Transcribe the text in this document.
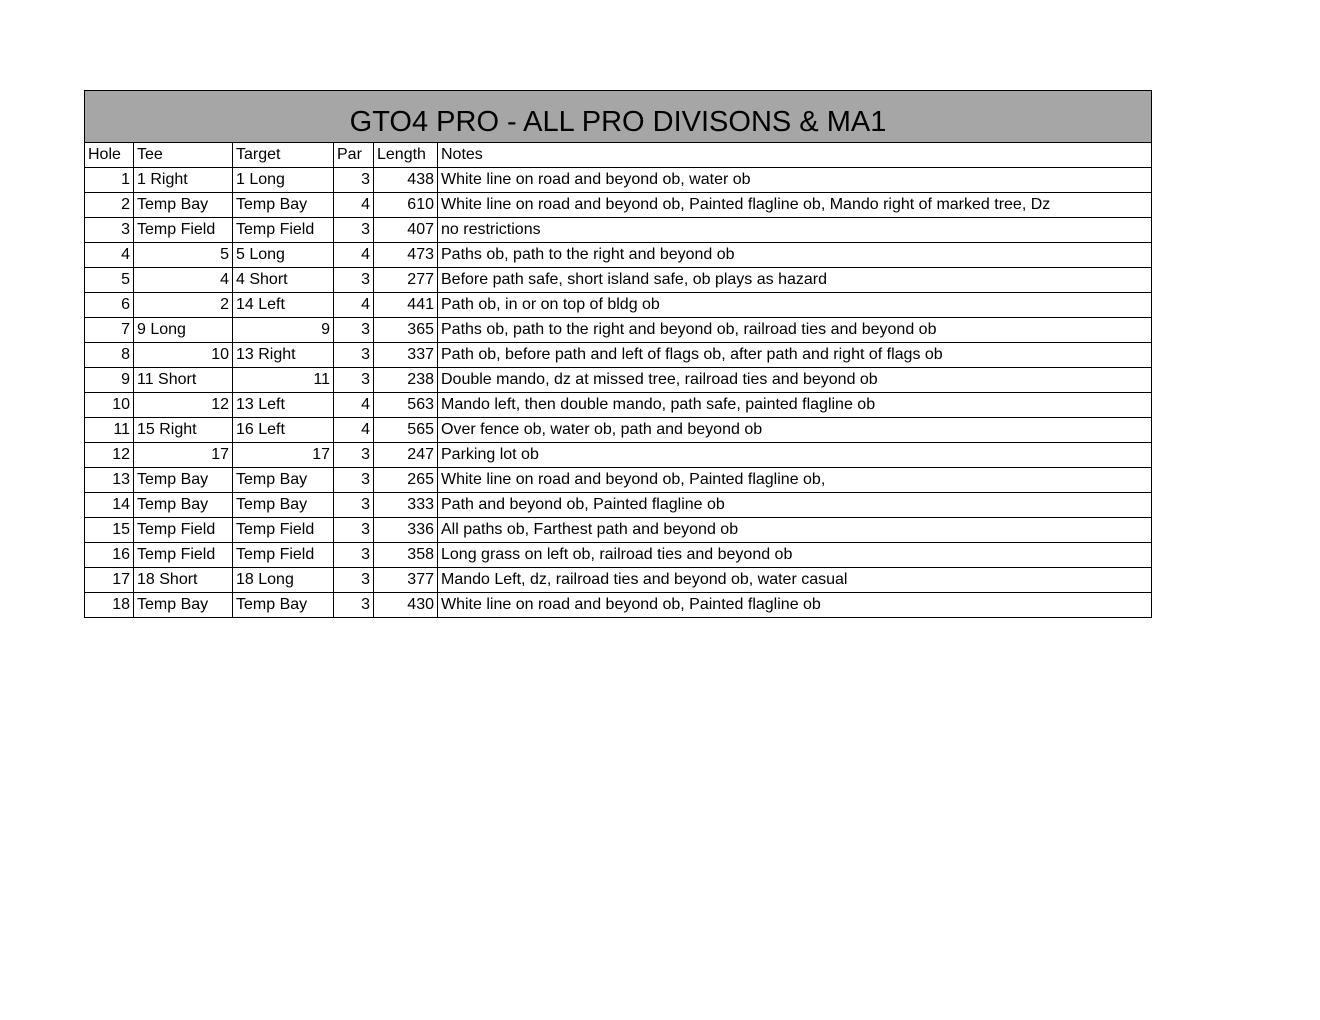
GTO4 PRO - ALL PRO DIVISONS & MA1					
Hole	Tee	Target	Par	Length	Notes
1	1 Right	1 Long	3	438	White line on road and beyond ob, water ob
2	Temp Bay	Temp Bay	4	610	White line on road and beyond ob, Painted flagline ob, Mando right of marked tree, Dz
3	Temp Field	Temp Field	3	407	no restrictions
4	5	5 Long	4	473	Paths ob, path to the right and beyond ob
5	4	4 Short	3	277	Before path safe, short island safe, ob plays as hazard
6	2	14 Left	4	441	Path ob, in or on top of bldg ob
7	9 Long	9	3	365	Paths ob, path to the right and beyond ob, railroad ties and beyond ob
8	10	13 Right	3	337	Path ob, before path and left of flags ob, after path and right of flags ob
9	11 Short	11	3	238	Double mando, dz at missed tree, railroad ties and beyond ob
10	12	13 Left	4	563	Mando left, then double mando, path safe, painted flagline ob
11	15 Right	16 Left	4	565	Over fence ob, water ob, path and beyond ob
12	17	17	3	247	Parking lot ob
13	Temp Bay	Temp Bay	3	265	White line on road and beyond ob, Painted flagline ob,
14	Temp Bay	Temp Bay	3	333	Path and beyond ob, Painted flagline ob
15	Temp Field	Temp Field	3	336	All paths ob, Farthest path and beyond ob
16	Temp Field	Temp Field	3	358	Long grass on left ob, railroad ties and beyond ob
17	18 Short	18 Long	3	377	Mando Left, dz, railroad ties and beyond ob, water casual
18	Temp Bay	Temp Bay	3	430	White line on road and beyond ob, Painted flagline ob
